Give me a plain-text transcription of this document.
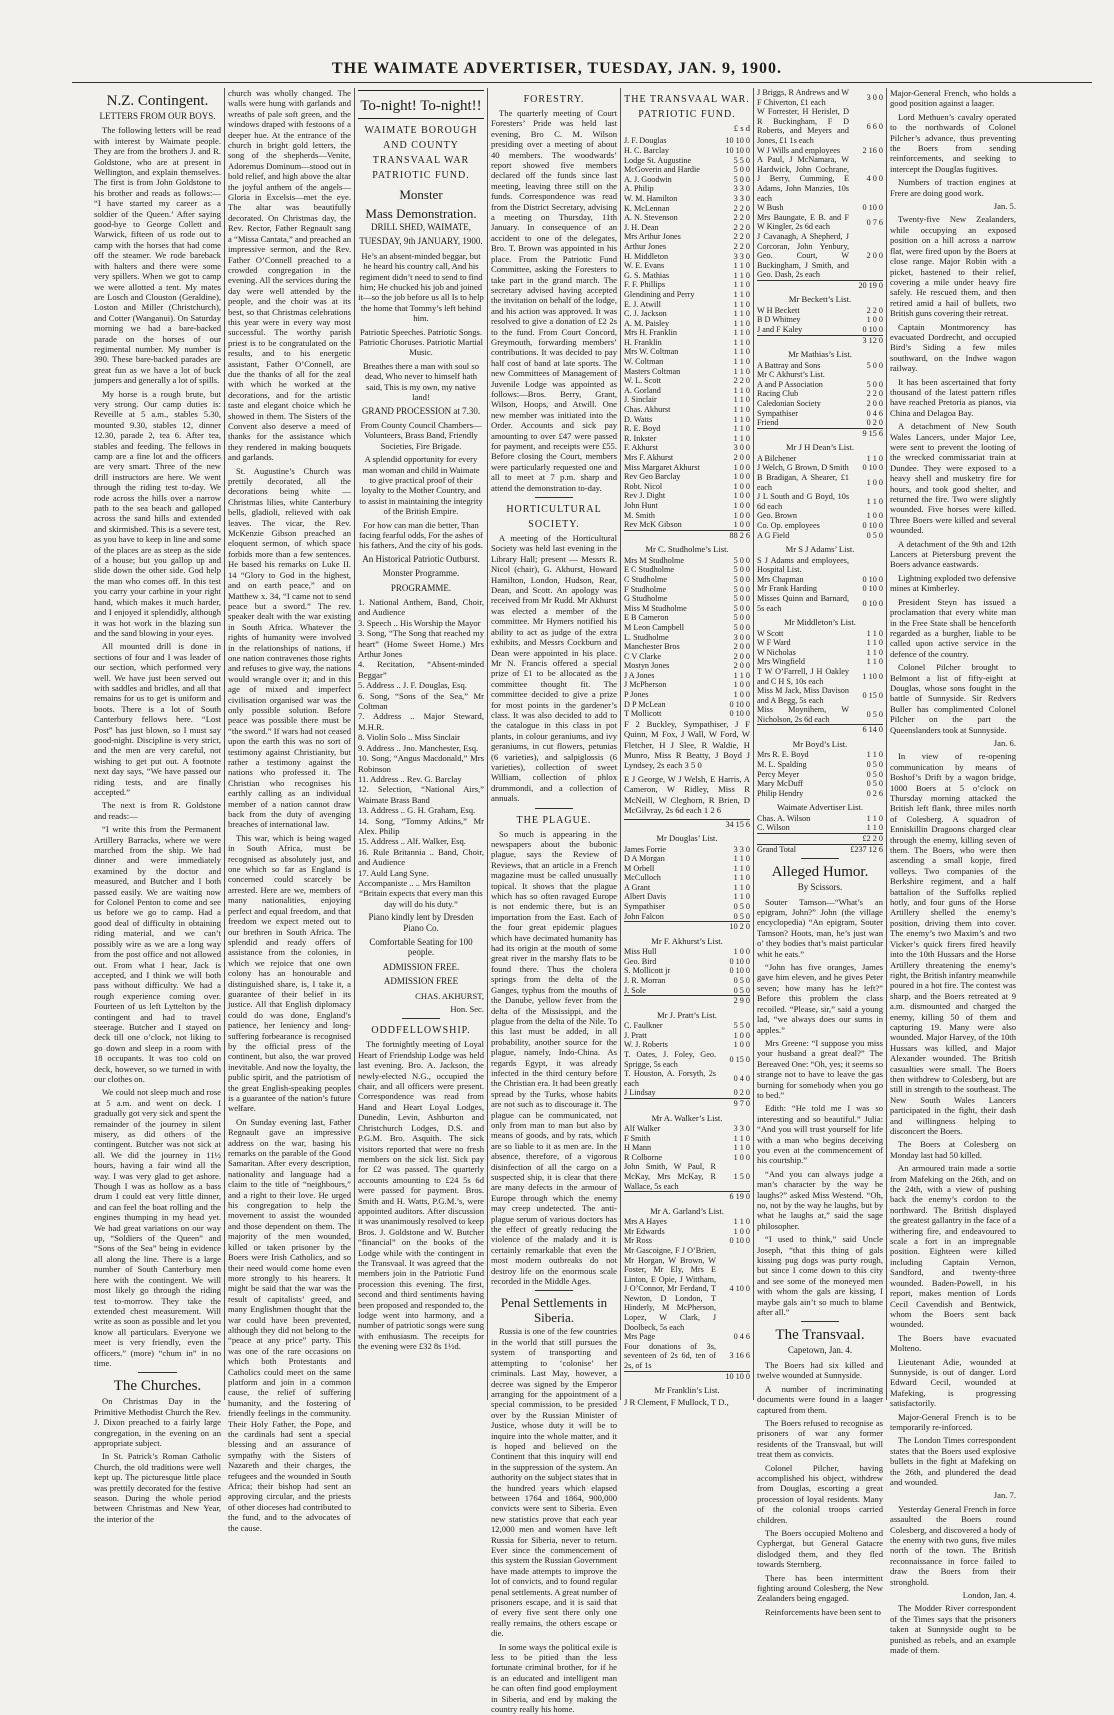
THE WAIMATE ADVERTISER, TUESDAY, JAN. 9, 1900.
N.Z. Contingent.
LETTERS FROM OUR BOYS.

The following letters will be read with interest by Waimate people. They are from the brothers J. and R. Goldstone, who are at present in Wellington, and explain themselves. The first is from John Goldstone to his brother and reads as follows:— “I have started my career as a soldier of the Queen.’ After saying good-bye to George Collett and Warwick, fifteen of us rode out to camp with the horses that had come off the steamer. We rode bareback with halters and there were some very spillers. When we got to camp we were allotted a tent. My mates are Losch and Clouston (Geraldine), Loston and Miller (Christchurch), and Cotter (Wanganui). On Saturday morning we had a bare-backed parade on the horses of our regimental number. My number is 390. These bare-backed parades are great fun as we have a lot of buck jumpers and generally a lot of spills.

My horse is a rough brute, but very strong. Our camp duties is: Reveille at 5 a.m., stables 5.30, mounted 9.30, stables 12, dinner 12.30, parade 2, tea 6. After tea, stables and feeding. The fellows in camp are a fine lot and the officers are very smart. Three of the new drill instructors are here. We went through the riding test to-day. We rode across the hills over a narrow path to the sea beach and galloped across the sand hills and extended and skirmished. This is a severe test, as you have to keep in line and some of the places are as steep as the side of a house; but you gallop up and slide down the other side. God help the man who comes off. In this test you carry your carbine in your right hand, which makes it much harder, and I enjoyed it splendidly, although it was hot work in the blazing sun and the sand blowing in your eyes.

All mounted drill is done in sections of four and I was leader of our section, which performed very well. We have just been served out with saddles and bridles, and all that remains for us to get is uniform and boots. There is a lot of South Canterbury fellows here. “Lost Post” has just blown, so I must say good-night. Discipline is very strict, and the men are very careful, not wishing to get put out. A footnote next day says, “We have passed our riding tests, and are finally accepted.”

The next is from R. Goldstone and reads:—

“I write this from the Permanent Artillery Barracks, where we were marched from the ship. We had dinner and were immediately examined by the doctor and measured, and Butcher and I both passed easily. We are waiting now for Colonel Penton to come and see us before we go to camp. Had a good deal of difficulty in obtaining riding material, and we can’t possibly wire as we are a long way from the post office and not allowed out. From what I hear, Jack is accepted, and I think we will both pass without difficulty. We had a rough experience coming over. Fourteen of us left Lyttelton by the contingent and had to travel steerage. Butcher and I stayed on deck till one o’clock, not liking to go down and sleep in a room with 18 occupants. It was too cold on deck, however, so we turned in with our clothes on.

We could not sleep much and rose at 5 a.m. and went on deck. I gradually got very sick and spent the remainder of the journey in silent misery, as did others of the contingent. Butcher was not sick at all. We did the journey in 11½ hours, having a fair wind all the way. I was very glad to get ashore. Though I was as hollow as a bass drum I could eat very little dinner, and can feel the boat rolling and the engines thumping in my head yet. We had great variations on our way up, “Soldiers of the Queen” and “Sons of the Sea” being in evidence all along the line. There is a large number of South Canterbury men here with the contingent. We will most likely go through the riding test to-morrow. They take the extended chest measurement. Will write as soon as possible and let you know all particulars. Everyone we meet is very friendly, even the officers.” (more) “chum in” in no time.

The Churches.

On Christmas Day in the Primitive Methodist Church the Rev. J. Dixon preached to a fairly large congregation, in the evening on an appropriate subject.

In St. Patrick’s Roman Catholic Church, the old traditions were well kept up. The picturesque little place was prettily decorated for the festive season. During the whole period between Christmas and New Year, the interior of the

church was wholly changed. The walls were hung with garlands and wreaths of pale soft green, and the windows draped with festoons of a deeper hue. At the entrance of the church in bright gold letters, the song of the shepherds—Venite, Adoremus Dominum—stood out in bold relief, and high above the altar the joyful anthem of the angels—Gloria in Excelsis—met the eye. The altar was beautifully decorated. On Christmas day, the Rev. Rector, Father Regnault sang a “Missa Cantata,” and preached an impressive sermon, and the Rev. Father O’Connell preached to a crowded congregation in the evening. All the services during the day were well attended by the people, and the choir was at its best, so that Christmas celebrations this year were in every way most successful. The worthy parish priest is to be congratulated on the results, and to his energetic assistant, Father O’Connell, are due the thanks of all for the zeal with which he worked at the decorations, and for the artistic taste and elegant choice which he showed in them. The Sisters of the Convent also deserve a meed of thanks for the assistance which they rendered in making bouquets and garlands.

St. Augustine’s Church was prettily decorated, all the decorations being white — Christmas lilies, white Canterbury bells, gladioli, relieved with oak leaves. The vicar, the Rev. McKenzie Gibson preached an eloquent sermon, of which space forbids more than a few sentences. He based his remarks on Luke II. 14 “Glory to God in the highest, and on earth peace,” and on Matthew x. 34, “I came not to send peace but a sword.” The rev. speaker dealt with the war existing in South Africa. Whatever the rights of humanity were involved in the relationships of nations, if one nation contravenes those rights and refuses to give way, the nations would wrangle over it; and in this age of mixed and imperfect civilisation organised war was the only possible solution. Before peace was possible there must be “the sword.” If wars had not ceased upon the earth this was no sort of testimony against Christianity, but rather a testimony against the nations who professed it. The Christian who recognises his earthly calling as an individual member of a nation cannot draw back from the duty of avenging breaches of international law.

This war, which is being waged in South Africa, must be recognised as absolutely just, and one which so far as England is concerned could scarcely be arrested. Here are we, members of many nationalities, enjoying perfect and equal freedom, and that freedom we expect meted out to our brethren in South Africa. The splendid and ready offers of assistance from the colonies, in which we rejoice that one own colony has an honourable and distinguished share, is, I take it, a guarantee of their belief in its justice. All that English diplomacy could do was done, England’s patience, her leniency and long-suffering forbearance is recognised by the official press of the continent, but also, the war proved inevitable. And now the loyalty, the public spirit, and the patriotism of the great English-speaking peoples is a guarantee of the nation’s future welfare.

On Sunday evening last, Father Regnault gave an impressive address on the war, basing his remarks on the parable of the Good Samaritan. After every description, nationality and language had a claim to the title of “neighbours,” and a right to their love. He urged his congregation to help the movement to assist the wounded and those dependent on them. The majority of the men wounded, killed or taken prisoner by the Boers were Irish Catholics, and so their need would come home even more strongly to his hearers. It might be said that the war was the result of capitalists’ greed, and many Englishmen thought that the war could have been prevented, although they did not belong to the “peace at any price” party. This was one of the rare occasions on which both Protestants and Catholics could meet on the same platform and join in a common cause, the relief of suffering humanity, and the fostering of friendly feelings in the community. Their Holy Father, the Pope, and the cardinals had sent a special blessing and an assurance of sympathy with the Sisters of Nazareth and their charges, the refugees and the wounded in South Africa; their bishop had sent an approving circular, and the priests of other dioceses had contributed to the fund, and to the advocates of the cause.

To-night! To-night!!
WAIMATE BOROUGH AND COUNTY TRANSVAAL WAR PATRIOTIC FUND.
Monster
Mass Demonstration.
DRILL SHED, WAIMATE,
TUESDAY, 9th JANUARY, 1900.

He’s an absent-minded beggar, but he heard his country call, And his regiment didn’t need to send to find him; He chucked his job and joined it—so the job before us all Is to help the home that Tommy’s left behind him.

Patriotic Speeches. Patriotic Songs. Patriotic Choruses. Patriotic Martial Music.

Breathes there a man with soul so dead, Who never to himself hath said, This is my own, my native land!

GRAND PROCESSION at 7.30.

From County Council Chambers—Volunteers, Brass Band, Friendly Societies, Fire Brigade.

A splendid opportunity for every man woman and child in Waimate to give practical proof of their loyalty to the Mother Country, and to assist in maintaining the integrity of the British Empire.

For how can man die better, Than facing fearful odds, For the ashes of his fathers, And the city of his gods.

An Historical Patriotic Outburst.
Monster Programme.
PROGRAMME.
1. National Anthem, Band, Choir, and Audience
3. Speech .. His Worship the Mayor
3. Song, “The Song that reached my heart” (Home Sweet Home.) Mrs Arthur Jones
4. Recitation, “Absent-minded Beggar”
5. Address .. J. F. Douglas, Esq.
6. Song, “Sons of the Sea,” Mr Coltman
7. Address .. Major Steward, M.H.R.
8. Violin Solo .. Miss Sinclair
9. Address .. Jno. Manchester, Esq.
10. Song, “Angus Macdonald,” Mrs Robinson
11. Address .. Rev. G. Barclay
12. Selection, “National Airs,” Waimate Brass Band
13. Address .. G. H. Graham, Esq.
14. Song, “Tommy Atkins,” Mr Alex. Philip
15. Address .. Alf. Walker, Esq.
16. Rule Britannia .. Band, Choir, and Audience
17. Auld Lang Syne.
Accompaniste .. .. Mrs Hamilton

“Britain expects that every man this day will do his duty.”

Piano kindly lent by Dresden Piano Co.
Comfortable Seating for 100 people.
ADMISSION FREE.
ADMISSION FREE
CHAS. AKHURST,
Hon. Sec.
ODDFELLOWSHIP.

The fortnightly meeting of Loyal Heart of Friendship Lodge was held last evening. Bro. A. Jackson, the newly-elected N.G., occupied the chair, and all officers were present. Correspondence was read from Hand and Heart Loyal Lodges, Dunedin, Levin, Ashburton and Christchurch Lodges, D.S. and P.G.M. Bro. Asquith. The sick visitors reported that were no fresh members on the sick list. Sick pay for £2 was passed. The quarterly accounts amounting to £24 5s 6d were passed for payment. Bros. Smith and H. Watts, P.G.M.’s, were appointed auditors. After discussion it was unanimously resolved to keep Bros. J. Goldstone and W. Butcher “financial” on the books of the Lodge while with the contingent in the Transvaal. It was agreed that the members join in the Patriotic Fund procession this evening. The first, second and third sentiments having been proposed and responded to, the lodge went into harmony, and a number of patriotic songs were sung with enthusiasm. The receipts for the evening were £32 8s 1½d.

FORESTRY.

The quarterly meeting of Court Foresters’ Pride was held last evening, Bro C. M. Wilson presiding over a meeting of about 40 members. The woodwards’ report showed five members declared off the funds since last meeting, leaving three still on the funds. Correspondence was read from the District Secretary, advising a meeting on Thursday, 11th January. In consequence of an accident to one of the delegates, Bro. T. Brown was appointed in his place. From the Patriotic Fund Committee, asking the Foresters to take part in the grand march. The secretary advised having accepted the invitation on behalf of the lodge, and his action was approved. It was resolved to give a donation of £2 2s to the fund. From Court Concord, Greymouth, forwarding members’ contributions. It was decided to pay half cost of band at late sports. The new Committees of Management of Juvenile Lodge was appointed as follows:—Bros. Berry, Grant, Wilson, Hoops, and Atwill. One new member was initiated into the Order. Accounts and sick pay amounting to over £47 were passed for payment, and receipts were £55. Before closing the Court, members were particularly requested one and all to meet at 7 p.m. sharp and attend the demonstration to-day.

HORTICULTURAL SOCIETY.

A meeting of the Horticultural Society was held last evening in the Library Hall; present — Messrs R. Nicol (chair), G. Akhurst, Howard Hamilton, London, Hudson, Rear, Dean, and Scott. An apology was received from Mr Rudd. Mr Akhurst was elected a member of the committee. Mr Hymers notified his ability to act as judge of the extra exhibits, and Messrs Cockburn and Dean were appointed in his place. Mr N. Francis offered a special prize of £1 to be allocated as the committee thought fit. The committee decided to give a prize for most points in the gardener’s class. It was also decided to add to the catalogue in this class in pot plants, in colour geraniums, and ivy geraniums, in cut flowers, petunias (6 varieties), and salpiglossis (6 varieties), collection of sweet William, collection of phlox drummondi, and a collection of annuals.

THE PLAGUE.

So much is appearing in the newspapers about the bubonic plague, says the Review of Reviews, that an article in a French magazine must be called unusually topical. It shows that the plague which has so often ravaged Europe is not endemic there, but is an importation from the East. Each of the four great epidemic plagues which have decimated humanity has had its origin at the mouth of some great river in the marshy flats to be found there. Thus the cholera springs from the delta of the Ganges, typhus from the mouths of the Danube, yellow fever from the delta of the Mississippi, and the plague from the delta of the Nile. To this last must be added, in all probability, another source for the plague, namely, Indo-China. As regards Egypt, it was already infected in the third century before the Christian era. It had been greatly spread by the Turks, whose habits are not such as to discourage it. The plague can be communicated, not only from man to man but also by means of goods, and by rats, which are so liable to it as men are. In the absence, therefore, of a vigorous disinfection of all the cargo on a suspected ship, it is clear that there are many defects in the armour of Europe through which the enemy may creep undetected. The anti-plague serum of various doctors has the effect of greatly reducing the violence of the malady and it is certainly remarkable that even the most modern outbreaks do not destroy life on the enormous scale recorded in the Middle Ages.

Penal Settlements in Siberia.

Russia is one of the few countries in the world that still pursues the system of transporting and attempting to ‘colonise’ her criminals. Last May, however, a decree was signed by the Emperor arranging for the appointment of a special commission, to be presided over by the Russian Minister of Justice, whose duty it will be to inquire into the whole matter, and it is hoped and believed on the Continent that this inquiry will end in the suppression of the system. An authority on the subject states that in the hundred years which elapsed between 1764 and 1864, 900,000 convicts were sent to Siberia. Even new statistics prove that each year 12,000 men and women have left Russia for Siberia, never to return. Ever since the commencement of this system the Russian Government have made attempts to improve the lot of convicts, and to found regular penal settlements. A great number of prisoners escape, and it is said that of every five sent there only one really remains, the others escape or die.

In some ways the political exile is less to be pitied than the less fortunate criminal brother, for if he is an educated and intelligent man he can often find good employment in Siberia, and end by making the country really his home.

THE TRANSVAAL WAR. PATRIOTIC FUND.
£ s d
J. F. Douglas	10 10 0
H. C. Barclay	10 10 0
Lodge St. Augustine	5 5 0
McGoverin and Hardie	5 0 0
A. J. Goodwin	5 0 0
A. Philip	3 3 0
W. M. Hamilton	3 3 0
K. McLennan	2 2 0
A. N. Stevenson	2 2 0
J. H. Dean	2 2 0
Mrs Arthur Jones	2 2 0
Arthur Jones	2 2 0
H. Middleton	3 3 0
W. E. Evans	1 1 0
G. S. Mathias	1 1 0
F. F. Phillips	1 1 0
Glendining and Perry	1 1 0
E. J. Atwill	1 1 0
C. J. Jackson	1 1 0
A. M. Paisley	1 1 0
Mrs H. Franklin	1 1 0
H. Franklin	1 1 0
Mrs W. Coltman	1 1 0
W. Coltman	1 1 0
Masters Coltman	1 1 0
W. L. Scott	2 2 0
A. Gorland	1 1 0
J. Sinclair	1 1 0
Chas. Akhurst	1 1 0
D. Watts	1 1 0
R. E. Boyd	1 1 0
R. Inkster	1 1 0
F. Akhurst	3 0 0
Mrs F. Akhurst	2 0 0
Miss Margaret Akhurst	1 0 0
Rev Geo Barclay	1 0 0
Robt. Nicol	1 0 0
Rev J. Dight	1 0 0
John Hunt	1 0 0
M. Smith	1 0 0
Rev McK Gibson	1 0 0
	88 2 6
Mr C. Studholme’s List.
Mrs M Studholme	5 0 0
E C Studholme	5 0 0
C Studholme	5 0 0
F Studholme	5 0 0
G Studholme	5 0 0
Miss M Studholme	5 0 0
E B Cameron	5 0 0
M Leon Campbell	5 0 0
L. Studholme	3 0 0
Manchester Bros	2 0 0
C V Clarke	2 0 0
Mostyn Jones	2 0 0
J A Jones	1 1 0
J McPherson	1 0 0
P Jones	1 0 0
D P McLean	0 10 0
T Mollicott	0 10 0

F 2 Buckley, Sympathiser, J F Quinn, M Fox, J Wall, W Ford, W Fletcher, H J Slee, R Waldie, H Munro, Miss R Beatty, J Boyd J Lyndsey, 2s each 3 5 0

E J George, W J Welsh, E Harris, A Cameron, W Ridley, Miss R McNeill, W Cleghorn, R Brien, D McGilvray, 2s 6d each 1 2 6

	34 15 6
Mr Douglas’ List.
James Forrie	3 3 0
D A Morgan	1 1 0
M Orbell	1 1 0
McCulloch	1 1 0
A Grant	1 1 0
Albert Davis	1 1 0
Sympathiser	0 5 0
John Falcon	0 5 0
	10 2 0
Mr F. Akhurst’s List.
Miss Hull	1 0 0
Geo. Bird	0 10 0
S. Mollicott jr	0 10 0
J. R. Morran	0 5 0
J. Sole	0 5 0
	2 9 0
Mr J. Pratt’s List.
C. Faulkner	5 5 0
J. Pratt	1 0 0
W. J. Roberts	1 0 0
T. Oates, J. Foley, Geo. Sprigge, 5s each	0 15 0
T. Houston, A. Forsyth, 2s each	0 4 0
J Lindsay	0 2 0
	9 7 0
Mr A. Walker’s List.
Alf Walker	3 3 0
F Smith	1 1 0
H Mann	1 1 0
R Colborne	1 0 0
John Smith, W Paul, R McKay, Mrs McKay, R Wallace, 5s each	1 5 0
	6 19 0
Mr A. Garland’s List.
Mrs A Hayes	1 1 0
Mr Edwards	1 0 0
Mr Ross	0 10 0
Mr Gascoigne, F J O’Brien, Mr Horgan, W Brown, W Foster, Mr Ely, Mrs E Linton, E Opie, J Wittham, J O’Connor, Mr Ferdand, T Newton, D London, T Hinderly, M McPherson, Lopez, W Clark, J Doolbeck, 5s each	4 10 0
Mrs Page	0 4 6
Four donations of 3s, seventeen of 2s 6d, ten of 2s, of 1s	3 16 6
	10 10 0
Mr Franklin’s List.

J R Clement, F Mullock, T D.,

J Briggs, R Andrews and W F Chiverton, £1 each	3 0 0
W Forrester, H Herislet, D R Buckingham, F D Roberts, and Meyers and Jones, £1 1s each	6 6 0
W J Wills and employees	2 16 0
A Paul, J McNamara, W Hardwick, John Cochrane, J Berry, Cumming, E Adams, John Manzies, 10s each	4 0 0
W Bush	0 10 0
Mrs Baungate, E B. and F W Kingler, 2s 6d each	0 7 6
J Cavanagh, A Shepherd, J Corcoran, John Yenbury, Geo. Court, W Buckingham, J Smith, and Geo. Dash, 2s each	2 0 0
	20 19 0
Mr Beckett’s List.
W H Beckett	2 2 0
B D Whitney	1 0 0
J and F Kaley	0 10 0
	3 12 0
Mr Mathias’s List.
A Battray and Sons	5 0 0
Mr C Akhurst’s List.	
A and P Association	5 0 0
Racing Club	2 2 0
Caledonian Society	2 0 0
Sympathiser	0 4 6
Friend	0 2 0
	9 15 6
Mr J H Dean’s List.
A Bilchener	1 1 0
J Welch, G Brown, D Smith	0 10 0
B Bradigan, A Shearer, £1 each	1 0 0
J L South and G Boyd, 10s 6d each	1 1 0
Geo. Brown	1 0 0
Co. Op. employees	0 10 0
A G Field	0 5 0
Mr S J Adams’ List.
S J Adams and employees, Hospital List.	
Mrs Chapman	0 10 0
Mr Frank Harding	0 10 0
Misses Quinn and Barnard, 5s each	0 10 0
Mr Middleton’s List.
W Scott	1 1 0
W F Ward	1 1 0
W Nicholas	1 1 0
Mrs Wingfield	1 1 0
T W O’Farrell, J H Oakley and C H S, 10s each	1 10 0
Miss M Jack, Miss Davison and A Begg, 5s each	0 15 0
Miss Moynihem, W Nicholson, 2s 6d each	0 5 0
	6 14 0
Mr Boyd’s List.
Mrs R. E. Boyd	1 1 0
M. L. Spalding	0 5 0
Percy Meyer	0 5 0
Mary McDuff	0 5 0
Philip Hendry	0 2 6
Waimate Advertiser List.
Chas. A. Wilson	1 1 0
C. Wilson	1 1 0
	£2 2 0
Grand Total	£237 12 6
Alleged Humor.
By Scissors.

Souter Tamson—“What’s an epigram, John?” John (the village encyclopedia) “An epigram, Souter Tamson? Hoots, man, he’s just wan o’ they bodies that’s maist particular whit he eats.”

“John has five oranges, James gave him eleven, and he gives Peter seven; how many has he left?” Before this problem the class recoiled. “Please, sir,” said a young lad, “we always does our sums in apples.”

Mrs Greene: “I suppose you miss your husband a great deal?” The Bereaved One: “Oh, yes; it seems so strange not to have to leave the gas burning for somebody when you go to bed.”

Edith: “He told me I was so interesting and so beautiful.” Julia: “And you will trust yourself for life with a man who begins deceiving you even at the commencement of his courtship.”

“And you can always judge a man’s character by the way he laughs?” asked Miss Westend. “Oh, no, not by the way he laughs, but by what he laughs at,” said the sage philosopher.

“I used to think,” said Uncle Joseph, “that this thing of gals kissing pug dogs was purty rough, but since I come down to this city and see some of the moneyed men with whom the gals are kissing, I maybe gals ain’t so much to blame after all.”

The Transvaal.
Capetown, Jan. 4.

The Boers had six killed and twelve wounded at Sunnyside.

A number of incriminating documents were found in a laager captured from them.

The Boers refused to recognise as prisoners of war any former residents of the Transvaal, but will treat them as convicts.

Colonel Pilcher, having accomplished his object, withdrew from Douglas, escorting a great procession of loyal residents. Many of the colonial troops carried children.

The Boers occupied Molteno and Cyphergat, but General Gatacre dislodged them, and they fled towards Sternberg.

There has been intermittent fighting around Colesberg, the New Zealanders being engaged.

Reinforcements have been sent to

Major-General French, who holds a good position against a laager.

Lord Methuen’s cavalry operated to the northwards of Colonel Pilcher’s advance, thus preventing the Boers from sending reinforcements, and seeking to intercept the Douglas fugitives.

Numbers of traction engines at Frere are doing good work.

Jan. 5.

Twenty-five New Zealanders, while occupying an exposed position on a hill across a narrow flat, were fired upon by the Boers at close range. Major Robin with a picket, hastened to their relief, covering a mile under heavy fire safely. He rescued them, and then retired amid a hail of bullets, two British guns covering their retreat.

Captain Montmorency has evacuated Dordrecht, and occupied Bird’s Siding a few miles southward, on the Indwe wagon railway.

It has been ascertained that forty thousand of the latest pattern rifles have reached Pretoria as pianos, via China and Delagoa Bay.

A detachment of New South Wales Lancers, under Major Lee, were sent to prevent the looting of the wrecked commissariat train at Dundee. They were exposed to a heavy shell and musketry fire for hours, and took good shelter, and returned the fire. Two were slightly wounded. Five horses were killed. Three Boers were killed and several wounded.

A detachment of the 9th and 12th Lancers at Pietersburg prevent the Boers advance eastwards.

Lightning exploded two defensive mines at Kimberley.

President Steyn has issued a proclamation that every white man in the Free State shall be henceforth regarded as a burgher, liable to be called upon active service in the defence of the country.

Colonel Pilcher brought to Belmont a list of fifty-eight at Douglas, whose sons fought in the battle of Sunnyside. Sir Redvers Buller has complimented Colonel Pilcher on the part the Queenslanders took at Sunnyside.

Jan. 6.

In view of re-opening communication by means of Boshof’s Drift by a wagon bridge, 1000 Boers at 5 o’clock on Thursday morning attacked the British left flank, three miles north of Colesberg. A squadron of Enniskillin Dragoons charged clear through the enemy, killing seven of them. The Boers, who were then ascending a small kopje, fired volleys. Two companies of the Berkshire regiment, and a half battalion of the Suffolks replied hotly, and four guns of the Horse Artillery shelled the enemy’s position, driving them into cover. The enemy’s two Maxim’s and two Vicker’s quick firers fired heavily into the 10th Hussars and the Horse Artillery threatening the enemy’s right, the British infantry meanwhile poured in a hot fire. The contest was sharp, and the Boers retreated at 9 a.m. dismounted and charged the enemy, killing 50 of them and capturing 19. Many were also wounded. Major Harvey, of the 10th Hussars was killed, and Major Alexander wounded. The British casualties were small. The Boers then withdrew to Colesberg, but are still in strength to the southeast. The New South Wales Lancers participated in the fight, their dash and willingness helping to disconcert the Boers.

The Boers at Colesberg on Monday last had 50 killed.

An armoured train made a sortie from Mafeking on the 26th, and on the 24th, with a view of pushing back the enemy’s cordon to the northward. The British displayed the greatest gallantry in the face of a withering fire, and endeavoured to scale a fort in an impregnable position. Eighteen were killed including Captain Vernon, Sandford, and twenty-three wounded. Baden-Powell, in his report, makes mention of Lords Cecil Cavendish and Bentwick, whom the Boers sent back wounded.

The Boers have evacuated Molteno.

Lieutenant Adie, wounded at Sunnyside, is out of danger. Lord Edward Cecil, wounded at Mafeking, is progressing satisfactorily.

Major-General French is to be temporarily re-inforced.

The London Times correspondent states that the Boers used explosive bullets in the fight at Mafeking on the 26th, and plundered the dead and wounded.

Jan. 7.

Yesterday General French in force assaulted the Boers round Colesberg, and discovered a body of the enemy with two guns, five miles north of the town. The British reconnaissance in force failed to draw the Boers from their stronghold.

London, Jan. 4.

The Modder River correspondent of the Times says that the prisoners taken at Sunnyside ought to be punished as rebels, and an example made of them.
